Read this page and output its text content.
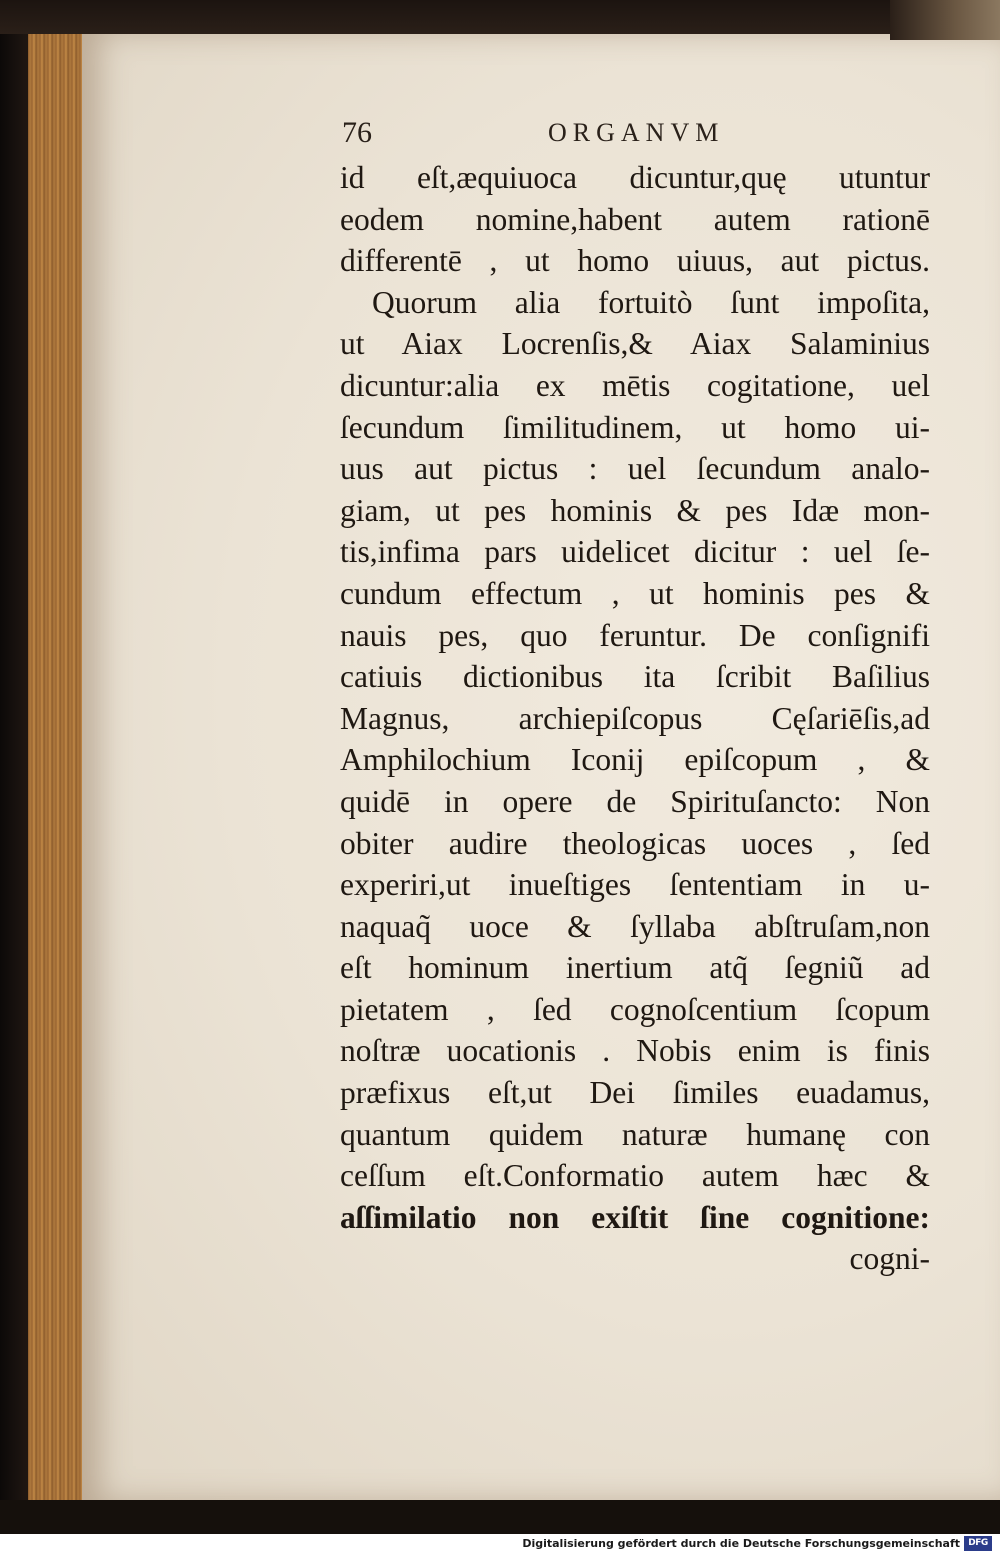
76	ORGANVM
id eſt,æquiuoca dicuntur,quę utuntur
eodem nomine,habent autem rationē
differentē , ut homo uiuus, aut pictus.
Quorum alia fortuitò ſunt impoſita,
ut Aiax Locrenſis,& Aiax Salaminius
dicuntur:alia ex mētis cogitatione, uel
ſecundum ſimilitudinem, ut homo ui-
uus aut pictus : uel ſecundum analo-
giam, ut pes hominis & pes Idæ mon-
tis,infima pars uidelicet dicitur : uel ſe-
cundum effectum , ut hominis pes &
nauis pes, quo feruntur. De conſignifi
catiuis dictionibus ita ſcribit Baſilius
Magnus, archiepiſcopus Cęſariēſis,ad
Amphilochium Iconij epiſcopum , &
quidē in opere de Spirituſancto: Non
obiter audire theologicas uoces , ſed
experiri,ut inueſtiges ſententiam in u-
naquaq̃ uoce & ſyllaba abſtruſam,non
eſt hominum inertium atq̃ ſegniũ ad
pietatem , ſed cognoſcentium ſcopum
noſtræ uocationis . Nobis enim is finis
præfixus eſt,ut Dei ſimiles euadamus,
quantum quidem naturæ humanę con
ceſſum eſt.Conformatio autem hæc &
aſſimilatio non exiſtit ſine cognitione:
cogni-
Digitalisierung gefördert durch die Deutsche Forschungsgemeinschaft DFG
